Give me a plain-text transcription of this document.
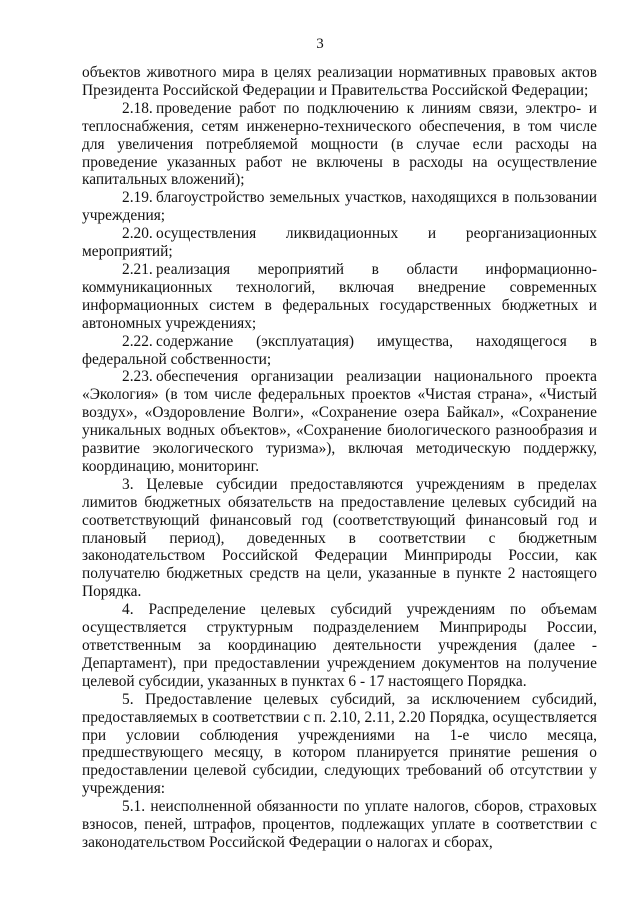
3

объектов животного мира в целях реализации нормативных правовых актов Президента Российской Федерации и Правительства Российской Федерации;

2.18. проведение работ по подключению к линиям связи, электро- и теплоснабжения, сетям инженерно-технического обеспечения, в том числе для увеличения потребляемой мощности (в случае если расходы на проведение указанных работ не включены в расходы на осуществление капитальных вложений);

2.19. благоустройство земельных участков, находящихся в пользовании учреждения;

2.20. осуществления ликвидационных и реорганизационных мероприятий;

2.21. реализация мероприятий в области информационно-коммуникационных технологий, включая внедрение современных информационных систем в федеральных государственных бюджетных и автономных учреждениях;

2.22. содержание (эксплуатация) имущества, находящегося в федеральной собственности;

2.23. обеспечения организации реализации национального проекта «Экология» (в том числе федеральных проектов «Чистая страна», «Чистый воздух», «Оздоровление Волги», «Сохранение озера Байкал», «Сохранение уникальных водных объектов», «Сохранение биологического разнообразия и развитие экологического туризма»), включая методическую поддержку, координацию, мониторинг.

3. Целевые субсидии предоставляются учреждениям в пределах лимитов бюджетных обязательств на предоставление целевых субсидий на соответствующий финансовый год (соответствующий финансовый год и плановый период), доведенных в соответствии с бюджетным законодательством Российской Федерации Минприроды России, как получателю бюджетных средств на цели, указанные в пункте 2 настоящего Порядка.

4. Распределение целевых субсидий учреждениям по объемам осуществляется структурным подразделением Минприроды России, ответственным за координацию деятельности учреждения (далее - Департамент), при предоставлении учреждением документов на получение целевой субсидии, указанных в пунктах 6 - 17 настоящего Порядка.

5. Предоставление целевых субсидий, за исключением субсидий, предоставляемых в соответствии с п. 2.10, 2.11, 2.20 Порядка, осуществляется при условии соблюдения учреждениями на 1-е число месяца, предшествующего месяцу, в котором планируется принятие решения о предоставлении целевой субсидии, следующих требований об отсутствии у учреждения:

5.1. неисполненной обязанности по уплате налогов, сборов, страховых взносов, пеней, штрафов, процентов, подлежащих уплате в соответствии с законодательством Российской Федерации о налогах и сборах,
